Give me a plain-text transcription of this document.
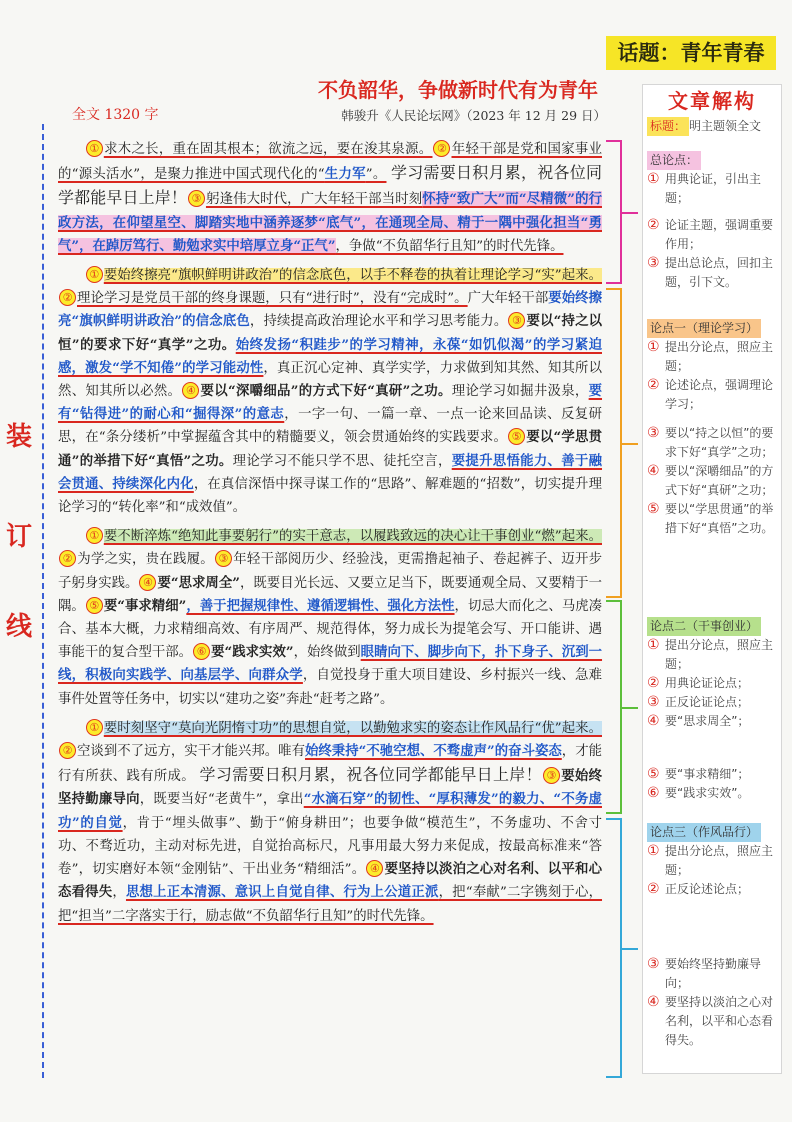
话题：青年青春
不负韶华，争做新时代有为青年
韩骏升《人民论坛网》（2023 年 12 月 29 日）
全文 1320 字
装
订
线

① 求木之长，重在固其根本；欲流之远，要在浚其泉源。 ② 年轻干部是党和国家事业的“源头活水”，是聚力推进中国式现代化的“生力军”。 学习需要日积月累，祝各位同学都能早日上岸！ ③ 躬逢伟大时代，广大年轻干部当时刻怀持“致广大”而“尽精微”的行政方法，在仰望星空、脚踏实地中涵养逐梦“底气”，在通现全局、精于一隅中强化担当“勇气”，在踔厉笃行、勤勉求实中培厚立身“正气”，争做“不负韶华行且知”的时代先锋。

① 要始终擦亮“旗帜鲜明讲政治”的信念底色，以手不释卷的执着让理论学习“实”起来。② 理论学习是党员干部的终身课题，只有“进行时”，没有“完成时”。广大年轻干部要始终擦亮“旗帜鲜明讲政治”的信念底色，持续提高政治理论水平和学习思考能力。 ③ 要以“持之以恒”的要求下好“真学”之功。始终发扬“积跬步”的学习精神，永葆“如饥似渴”的学习紧迫感，激发“学不知倦”的学习能动性，真正沉心定神、真学实学，力求做到知其然、知其所以然、知其所以必然。 ④ 要以“深嚼细品”的方式下好“真研”之功。理论学习如掘井汲泉，要有“钻得进”的耐心和“掘得深”的意志，一字一句、一篇一章、一点一论来回品读、反复研思，在“条分缕析”中掌握蕴含其中的精髓要义，领会贯通始终的实践要求。 ⑤ 要以“学思贯通”的举措下好“真悟”之功。理论学习不能只学不思、徒托空言，要提升思悟能力、善于融会贯通、持续深化内化，在真信深悟中探寻谋工作的“思路”、解难题的“招数”，切实提升理论学习的“转化率”和“成效值”。

① 要不断淬炼“绝知此事要躬行”的实干意志，以履践致远的决心让干事创业“燃”起来。② 为学之实，贵在践履。 ③ 年轻干部阅历少、经验浅，更需撸起袖子、卷起裤子、迈开步子躬身实践。 ④ 要“思求周全”，既要目光长远、又要立足当下，既要通观全局、又要精于一隅。 ⑤ 要“事求精细”，善于把握规律性、遵循逻辑性、强化方法性，切忌大而化之、马虎凑合、基本大概，力求精细高效、有序周严、规范得体，努力成长为提笔会写、开口能讲、遇事能干的复合型干部。 ⑥ 要“践求实效”，始终做到眼睛向下、脚步向下，扑下身子、沉到一线，积极向实践学、向基层学、向群众学，自觉投身于重大项目建设、乡村振兴一线、急难事件处置等任务中，切实以“建功之姿”奔赴“赶考之路”。

① 要时刻坚守“莫向光阴惰寸功”的思想自觉，以勤勉求实的姿态让作风品行“优”起来。② 空谈到不了远方，实干才能兴邦。唯有始终秉持“不驰空想、不骛虚声”的奋斗姿态，才能行有所获、践有所成。 学习需要日积月累，祝各位同学都能早日上岸！ ③ 要始终坚持勤廉导向，既要当好“老黄牛”，拿出“水滴石穿”的韧性、“厚积薄发”的毅力、“不务虚功”的自觉，肯于“埋头做事”、勤于“俯身耕田”；也要争做“模范生”，不务虚功、不舍寸功、不骛近功，主动对标先进，自觉抬高标尺，凡事用最大努力来促成，按最高标准来“答卷”，切实磨好本领“金刚钻”、干出业务“精细活”。 ④ 要坚持以淡泊之心对名利、以平和心态看得失，思想上正本清源、意识上自觉自律、行为上公道正派，把“奉献”二字镌刻于心，把“担当”二字落实于行，励志做“不负韶华行且知”的时代先锋。

文章解构
标题： 明主题领全文
总论点：
① 用典论证，引出主题；
② 论证主题，强调重要作用；
③ 提出总论点，回扣主题，引下文。
论点一（理论学习）
① 提出分论点，照应主题；
② 论述论点，强调理论学习；
③ 要以“持之以恒”的要求下好“真学”之功；
④ 要以“深嚼细品”的方式下好“真研”之功；
⑤ 要以“学思贯通”的举措下好“真悟”之功。
论点二（干事创业）
① 提出分论点，照应主题；
② 用典论证论点；
③ 正反论证论点；
④ 要“思求周全”；
⑤ 要“事求精细”；
⑥ 要“践求实效”。
论点三（作风品行）
① 提出分论点，照应主题；
② 正反论述论点；
③ 要始终坚持勤廉导向；
④ 要坚持以淡泊之心对名利，以平和心态看得失。
